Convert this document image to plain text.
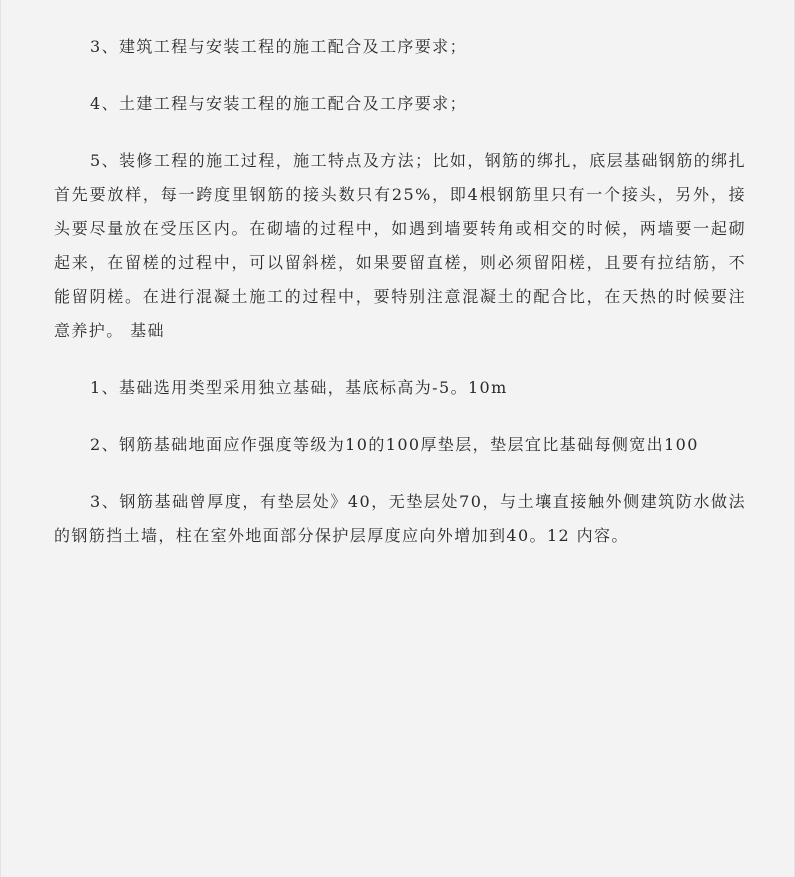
3、建筑工程与安装工程的施工配合及工序要求；

4、土建工程与安装工程的施工配合及工序要求；

5、装修工程的施工过程，施工特点及方法；比如，钢筋的绑扎，底层基础钢筋的绑扎首先要放样，每一跨度里钢筋的接头数只有25%，即4根钢筋里只有一个接头，另外，接头要尽量放在受压区内。在砌墙的过程中，如遇到墙要转角或相交的时候，两墙要一起砌起来，在留槎的过程中，可以留斜槎，如果要留直槎，则必须留阳槎，且要有拉结筋，不能留阴槎。在进行混凝土施工的过程中，要特别注意混凝土的配合比，在天热的时候要注意养护。 基础

1、基础选用类型采用独立基础，基底标高为-5。10m

2、钢筋基础地面应作强度等级为10的100厚垫层，垫层宜比基础每侧宽出100

3、钢筋基础曾厚度，有垫层处》40，无垫层处70，与土壤直接触外侧建筑防水做法的钢筋挡土墙，柱在室外地面部分保护层厚度应向外增加到40。12 内容。
